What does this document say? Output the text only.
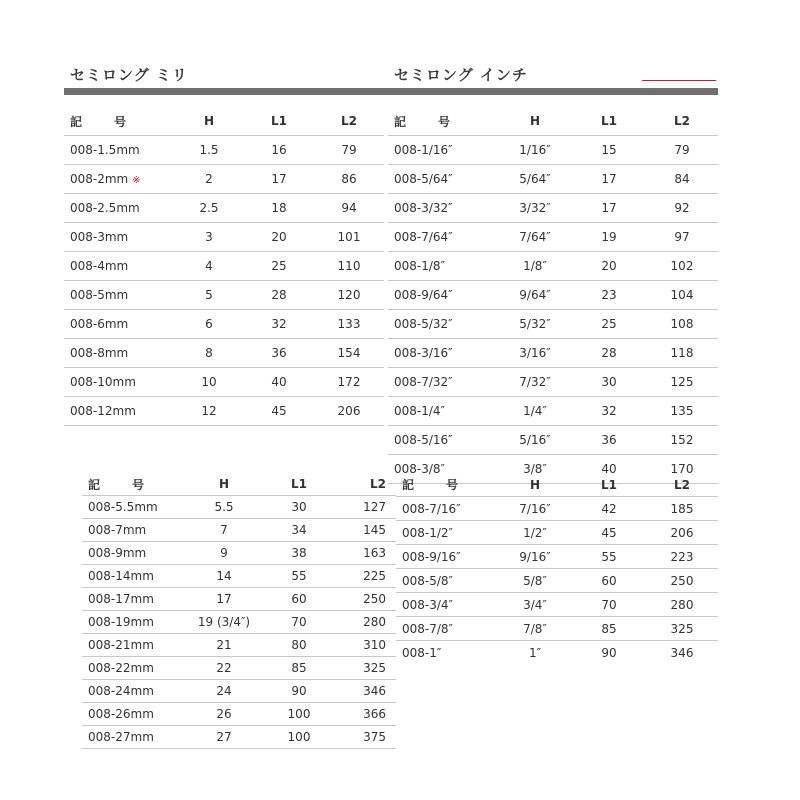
セミロング ミリ	セミロング インチ
記　号	H	L1	L2
008-1.5mm	1.5	16	79
008-2mm ※	2	17	86
008-2.5mm	2.5	18	94
008-3mm	3	20	101
008-4mm	4	25	110
008-5mm	5	28	120
008-6mm	6	32	133
008-8mm	8	36	154
008-10mm	10	40	172
008-12mm	12	45	206
記　号	H	L1	L2
008-1/16″	1/16″	15	79
008-5/64″	5/64″	17	84
008-3/32″	3/32″	17	92
008-7/64″	7/64″	19	97
008-1/8″	1/8″	20	102
008-9/64″	9/64″	23	104
008-5/32″	5/32″	25	108
008-3/16″	3/16″	28	118
008-7/32″	7/32″	30	125
008-1/4″	1/4″	32	135
008-5/16″	5/16″	36	152
008-3/8″	3/8″	40	170
記　号	H	L1	L2
008-5.5mm	5.5	30	127
008-7mm	7	34	145
008-9mm	9	38	163
008-14mm	14	55	225
008-17mm	17	60	250
008-19mm	19 (3/4″)	70	280
008-21mm	21	80	310
008-22mm	22	85	325
008-24mm	24	90	346
008-26mm	26	100	366
008-27mm	27	100	375
記　号	H	L1	L2
008-7/16″	7/16″	42	185
008-1/2″	1/2″	45	206
008-9/16″	9/16″	55	223
008-5/8″	5/8″	60	250
008-3/4″	3/4″	70	280
008-7/8″	7/8″	85	325
008-1″	1″	90	346
